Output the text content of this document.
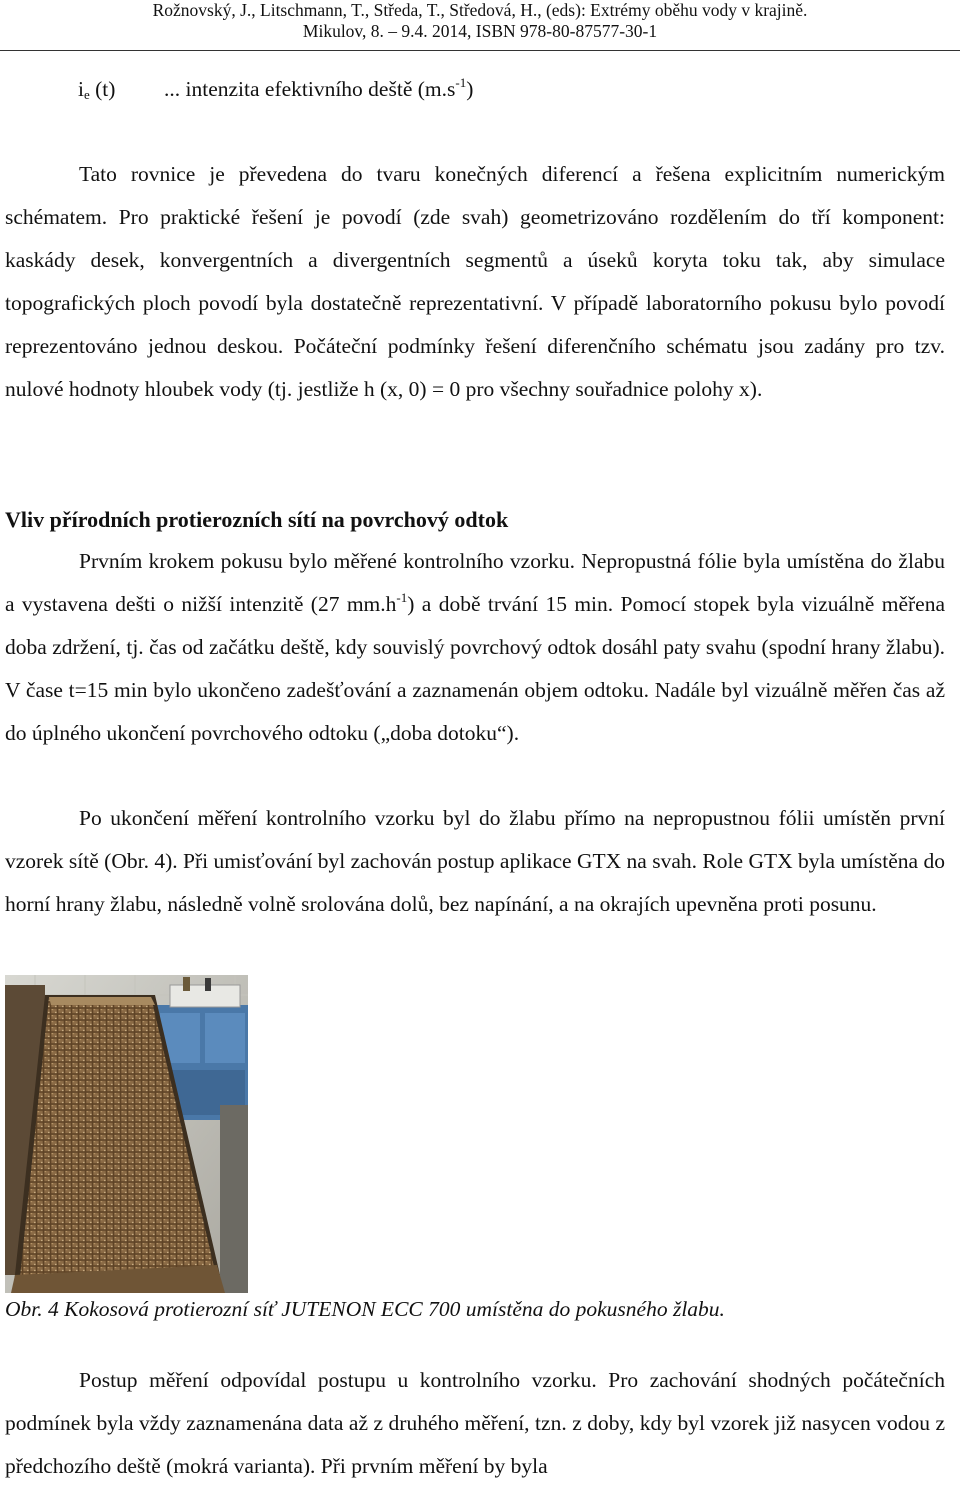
Rožnovský, J., Litschmann, T., Středa, T., Středová, H., (eds): Extrémy oběhu vody v krajině.
Mikulov, 8. – 9.4. 2014, ISBN 978-80-87577-30-1
$i_e$ (t) ... intenzita efektivního deště $(m.s^{-1})$

Tato rovnice je převedena do tvaru konečných diferencí a řešena explicitním numerickým schématem. Pro praktické řešení je povodí (zde svah) geometrizováno rozdělením do tří komponent: kaskády desek, konvergentních a divergentních segmentů a úseků koryta toku tak, aby simulace topografických ploch povodí byla dostatečně reprezentativní. V případě laboratorního pokusu bylo povodí reprezentováno jednou deskou. Počáteční podmínky řešení diferenčního schématu jsou zadány pro tzv. nulové hodnoty hloubek vody (tj. jestliže h (x, 0) = 0 pro všechny souřadnice polohy x).

Vliv přírodních protierozních sítí na povrchový odtok

Prvním krokem pokusu bylo měřené kontrolního vzorku. Nepropustná fólie byla umístěna do žlabu a vystavena dešti o nižší intenzitě (27 $mm.h^{-1}$) a době trvání 15 min. Pomocí stopek byla vizuálně měřena doba zdržení, tj. čas od začátku deště, kdy souvislý povrchový odtok dosáhl paty svahu (spodní hrany žlabu). V čase t=15 min bylo ukončeno zadešťování a zaznamenán objem odtoku. Nadále byl vizuálně měřen čas až do úplného ukončení povrchového odtoku („doba dotoku“).

Po ukončení měření kontrolního vzorku byl do žlabu přímo na nepropustnou fólii umístěn první vzorek sítě (Obr. 4). Při umisťování byl zachován postup aplikace GTX na svah. Role GTX byla umístěna do horní hrany žlabu, následně volně srolována dolů, bez napínání, a na okrajích upevněna proti posunu.

Obr. 4 Kokosová protierozní síť JUTENON ECC 700 umístěna do pokusného žlabu.

Postup měření odpovídal postupu u kontrolního vzorku. Pro zachování shodných počátečních podmínek byla vždy zaznamenána data až z druhého měření, tzn. z doby, kdy byl vzorek již nasycen vodou z předchozího deště (mokrá varianta). Při prvním měření by byla
